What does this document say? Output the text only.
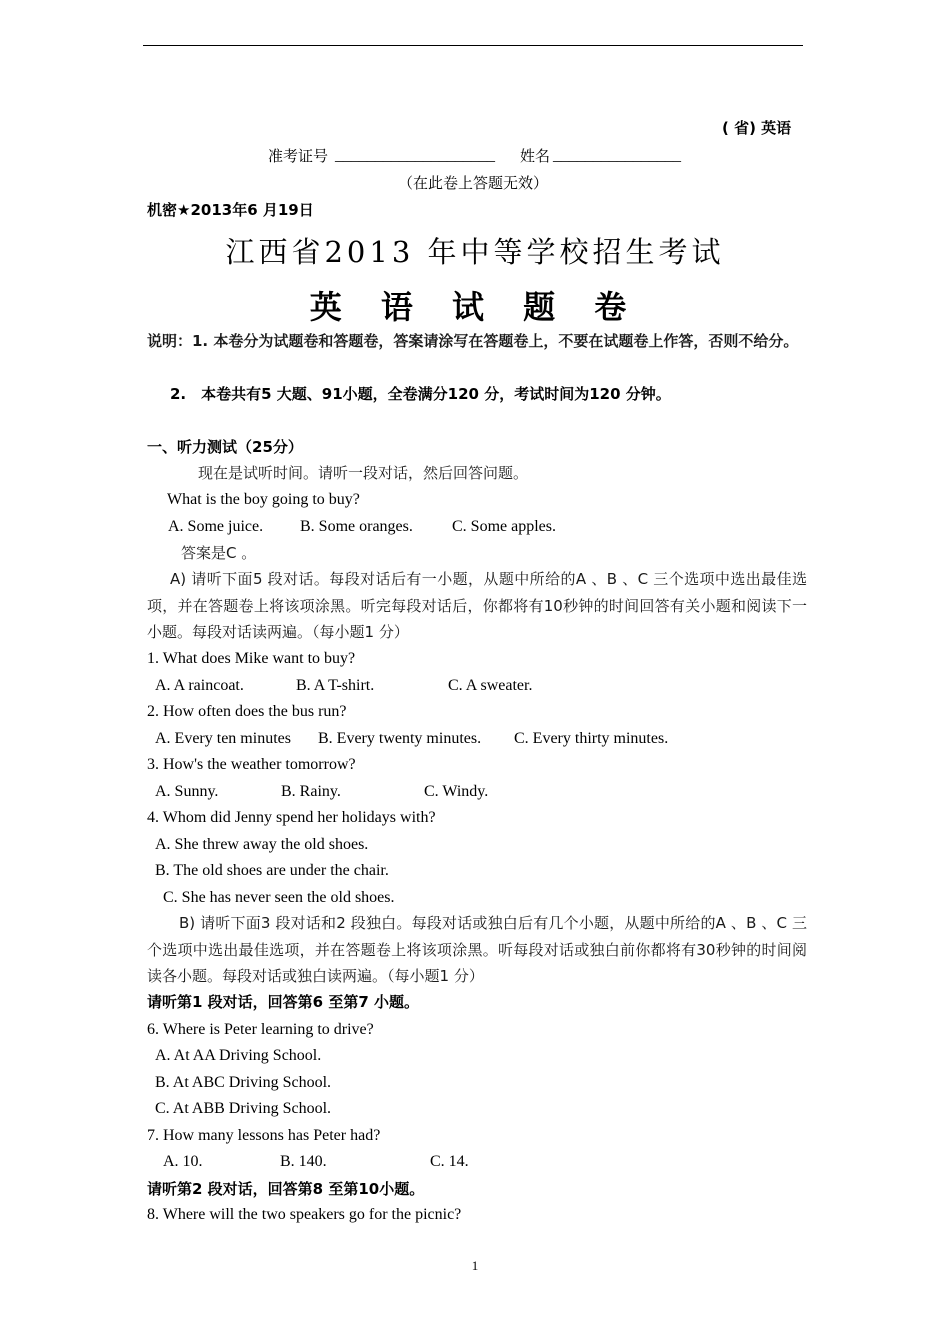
( 省) 英语
准考证号 ____________________ 姓名 ________________
（在此卷上答题无效）
机密★2013年6 月19日
江西省2013 年中等学校招生考试
英 语 试 题 卷
说明：1. 本卷分为试题卷和答题卷，答案请涂写在答题卷上，不要在试题卷上作答，否则不给分。
2.　本卷共有5 大题、91小题，全卷满分120 分，考试时间为120 分钟。
一、听力测试（25分）
现在是试听时间。请听一段对话，然后回答问题。
What is the boy going to buy?
A. Some juice. B. Some oranges. C. Some apples.
答案是C 。
A) 请听下面5 段对话。每段对话后有一小题，从题中所给的A 、B 、C 三个选项中选出最佳选项，并在答题卷上将该项涂黑。听完每段对话后，你都将有10秒钟的时间回答有关小题和阅读下一小题。每段对话读两遍。（每小题1 分）
1. What does Mike want to buy?
A. A raincoat.	B. A T-shirt.	C. A sweater.
2. How often does the bus run?
A. Every ten minutes B. Every twenty minutes. C. Every thirty minutes.
3. How's the weather tomorrow?
A. Sunny.	B. Rainy.	C. Windy.
4. Whom did Jenny spend her holidays with?
A. She threw away the old shoes.
B. The old shoes are under the chair.
C. She has never seen the old shoes.
B) 请听下面3 段对话和2 段独白。每段对话或独白后有几个小题，从题中所给的A 、B 、C 三个选项中选出最佳选项，并在答题卷上将该项涂黑。听每段对话或独白前你都将有30秒钟的时间阅读各小题。每段对话或独白读两遍。（每小题1 分）
请听第1 段对话，回答第6 至第7 小题。
6. Where is Peter learning to drive?
A. At AA Driving School.
B. At ABC Driving School.
C. At ABB Driving School.
7. How many lessons has Peter had?
A. 10.	B. 140.	C. 14.
请听第2 段对话，回答第8 至第10小题。
8. Where will the two speakers go for the picnic?
1
